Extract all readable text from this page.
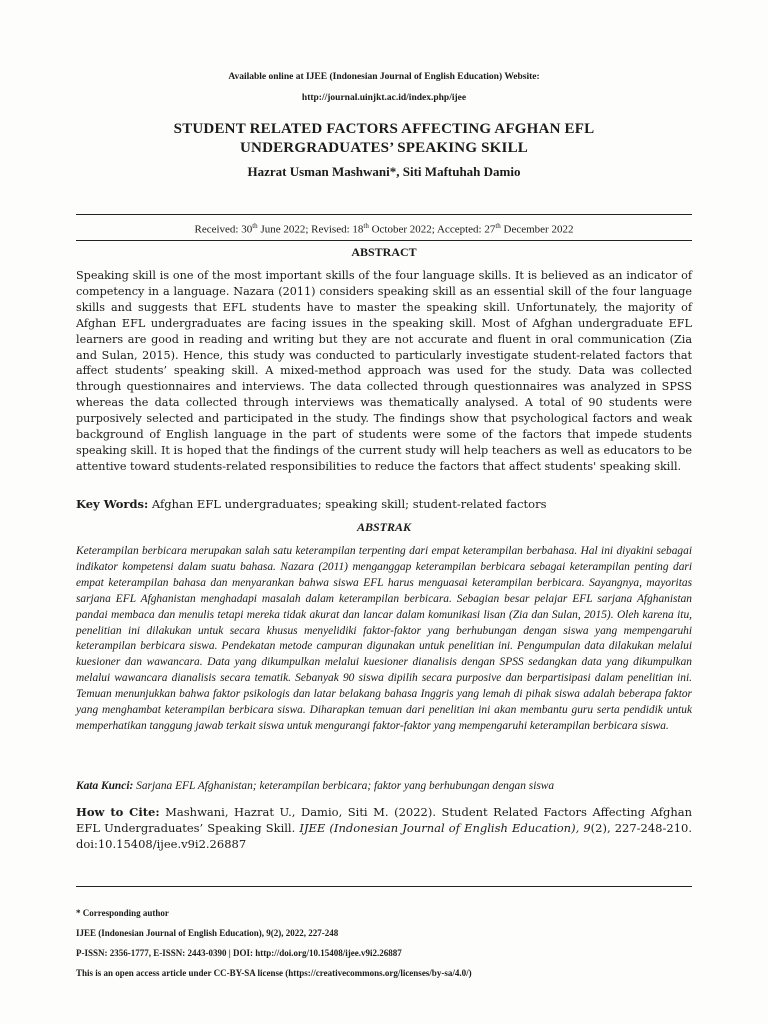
Available online at IJEE (Indonesian Journal of English Education) Website:
http://journal.uinjkt.ac.id/index.php/ijee
STUDENT RELATED FACTORS AFFECTING AFGHAN EFL
UNDERGRADUATES’ SPEAKING SKILL
Hazrat Usman Mashwani*, Siti Maftuhah Damio
Received: 30th June 2022; Revised: 18th October 2022; Accepted: 27th December 2022
ABSTRACT
Speaking skill is one of the most important skills of the four language skills. It is believed as an indicator of competency in a language. Nazara (2011) considers speaking skill as an essential skill of the four language skills and suggests that EFL students have to master the speaking skill. Unfortunately, the majority of Afghan EFL undergraduates are facing issues in the speaking skill. Most of Afghan undergraduate EFL learners are good in reading and writing but they are not accurate and fluent in oral communication (Zia and Sulan, 2015). Hence, this study was conducted to particularly investigate student-related factors that affect students’ speaking skill. A mixed-method approach was used for the study. Data was collected through questionnaires and interviews. The data collected through questionnaires was analyzed in SPSS whereas the data collected through interviews was thematically analysed. A total of 90 students were purposively selected and participated in the study. The findings show that psychological factors and weak background of English language in the part of students were some of the factors that impede students speaking skill. It is hoped that the findings of the current study will help teachers as well as educators to be attentive toward students-related responsibilities to reduce the factors that affect students' speaking skill.
Key Words: Afghan EFL undergraduates; speaking skill; student-related factors
ABSTRAK
Keterampilan berbicara merupakan salah satu keterampilan terpenting dari empat keterampilan berbahasa. Hal ini diyakini sebagai indikator kompetensi dalam suatu bahasa. Nazara (2011) menganggap keterampilan berbicara sebagai keterampilan penting dari empat keterampilan bahasa dan menyarankan bahwa siswa EFL harus menguasai keterampilan berbicara. Sayangnya, mayoritas sarjana EFL Afghanistan menghadapi masalah dalam keterampilan berbicara. Sebagian besar pelajar EFL sarjana Afghanistan pandai membaca dan menulis tetapi mereka tidak akurat dan lancar dalam komunikasi lisan (Zia dan Sulan, 2015). Oleh karena itu, penelitian ini dilakukan untuk secara khusus menyelidiki faktor-faktor yang berhubungan dengan siswa yang mempengaruhi keterampilan berbicara siswa. Pendekatan metode campuran digunakan untuk penelitian ini. Pengumpulan data dilakukan melalui kuesioner dan wawancara. Data yang dikumpulkan melalui kuesioner dianalisis dengan SPSS sedangkan data yang dikumpulkan melalui wawancara dianalisis secara tematik. Sebanyak 90 siswa dipilih secara purposive dan berpartisipasi dalam penelitian ini. Temuan menunjukkan bahwa faktor psikologis dan latar belakang bahasa Inggris yang lemah di pihak siswa adalah beberapa faktor yang menghambat keterampilan berbicara siswa. Diharapkan temuan dari penelitian ini akan membantu guru serta pendidik untuk memperhatikan tanggung jawab terkait siswa untuk mengurangi faktor-faktor yang mempengaruhi keterampilan berbicara siswa.
Kata Kunci: Sarjana EFL Afghanistan; keterampilan berbicara; faktor yang berhubungan dengan siswa
How to Cite: Mashwani, Hazrat U., Damio, Siti M. (2022). Student Related Factors Affecting Afghan EFL Undergraduates’ Speaking Skill. IJEE (Indonesian Journal of English Education), 9(2), 227-248-210. doi:10.15408/ijee.v9i2.26887
* Corresponding author
IJEE (Indonesian Journal of English Education), 9(2), 2022, 227-248
P-ISSN: 2356-1777, E-ISSN: 2443-0390 | DOI: http://doi.org/10.15408/ijee.v9i2.26887
This is an open access article under CC-BY-SA license (https://creativecommons.org/licenses/by-sa/4.0/)
